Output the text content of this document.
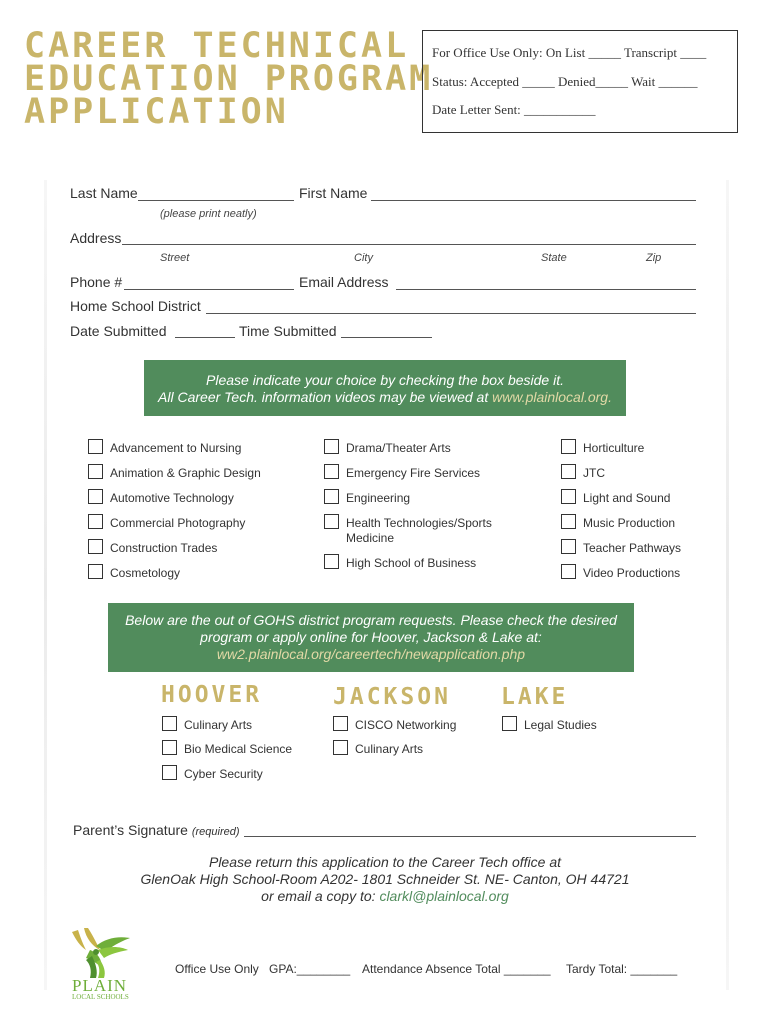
CAREER TECHNICAL
EDUCATION PROGRAM
APPLICATION
For Office Use Only: On List _____ Transcript ____
Status: Accepted _____ Denied_____ Wait ______
Date Letter Sent: ___________
Last Name	First Name
(please print neatly)
Address
Street	City	State	Zip
Phone #	Email Address
Home School District
Date Submitted	Time Submitted
Please indicate your choice by checking the box beside it.
All Career Tech. information videos may be viewed at www.plainlocal.org.
Advancement to Nursing
Animation & Graphic Design
Automotive Technology
Commercial Photography
Construction Trades
Cosmetology
Drama/Theater Arts
Emergency Fire Services
Engineering
Health Technologies/Sports
Medicine
High School of Business
Horticulture
JTC
Light and Sound
Music Production
Teacher Pathways
Video Productions
Below are the out of GOHS district program requests. Please check the desired
program or apply online for Hoover, Jackson & Lake at:
ww2.plainlocal.org/careertech/newapplication.php
HOOVER	JACKSON LAKE
Culinary Arts
Bio Medical Science
Cyber Security
CISCO Networking
Culinary Arts
Legal Studies
Parent’s Signature (required)
Please return this application to the Career Tech office at
GlenOak High School-Room A202- 1801 Schneider St. NE- Canton, OH 44721
or email a copy to: clarkl@plainlocal.org
PLAIN
LOCAL SCHOOLS
Office Use Only GPA:________ Attendance Absence Total _______ Tardy Total: _______
